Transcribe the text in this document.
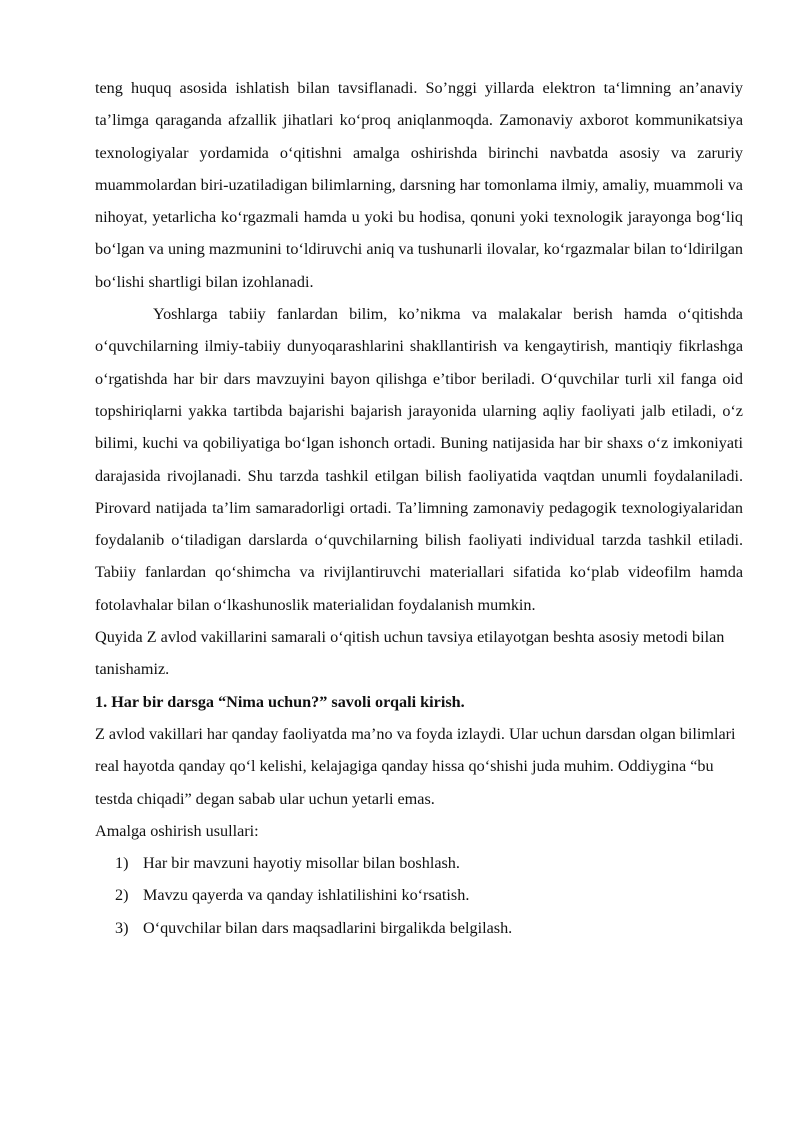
teng huquq asosida ishlatish bilan tavsiflanadi. So’nggi yillarda elektron ta‘limning an’anaviy ta’limga qaraganda afzallik jihatlari ko‘proq aniqlanmoqda. Zamonaviy axborot kommunikatsiya texnologiyalar yordamida o‘qitishni amalga oshirishda birinchi navbatda asosiy va zaruriy muammolardan biri-uzatiladigan bilimlarning, darsning har tomonlama ilmiy, amaliy, muammoli va nihoyat, yetarlicha ko‘rgazmali hamda u yoki bu hodisa, qonuni yoki texnologik jarayonga bog‘liq bo‘lgan va uning mazmunini to‘ldiruvchi aniq va tushunarli ilovalar, ko‘rgazmalar bilan to‘ldirilgan bo‘lishi shartligi bilan izohlanadi.

Yoshlarga tabiiy fanlardan bilim, ko’nikma va malakalar berish hamda o‘qitishda o‘quvchilarning ilmiy-tabiiy dunyoqarashlarini shakllantirish va kengaytirish, mantiqiy fikrlashga o‘rgatishda har bir dars mavzuyini bayon qilishga e’tibor beriladi. O‘quvchilar turli xil fanga oid topshiriqlarni yakka tartibda bajarishi bajarish jarayonida ularning aqliy faoliyati jalb etiladi, o‘z bilimi, kuchi va qobiliyatiga bo‘lgan ishonch ortadi. Buning natijasida har bir shaxs o‘z imkoniyati darajasida rivojlanadi. Shu tarzda tashkil etilgan bilish faoliyatida vaqtdan unumli foydalaniladi. Pirovard natijada ta’lim samaradorligi ortadi. Ta’limning zamonaviy pedagogik texnologiyalaridan foydalanib o‘tiladigan darslarda o‘quvchilarning bilish faoliyati individual tarzda tashkil etiladi. Tabiiy fanlardan qo‘shimcha va rivijlantiruvchi materiallari sifatida ko‘plab videofilm hamda fotolavhalar bilan o‘lkashunoslik materialidan foydalanish mumkin.

Quyida Z avlod vakillarini samarali o‘qitish uchun tavsiya etilayotgan beshta asosiy metodi bilan tanishamiz.

1. Har bir darsga “Nima uchun?” savoli orqali kirish.

Z avlod vakillari har qanday faoliyatda ma’no va foyda izlaydi. Ular uchun darsdan olgan bilimlari real hayotda qanday qo‘l kelishi, kelajagiga qanday hissa qo‘shishi juda muhim. Oddiygina “bu testda chiqadi” degan sabab ular uchun yetarli emas.

Amalga oshirish usullari:

1) Har bir mavzuni hayotiy misollar bilan boshlash.
2) Mavzu qayerda va qanday ishlatilishini ko‘rsatish.
3) O‘quvchilar bilan dars maqsadlarini birgalikda belgilash.
